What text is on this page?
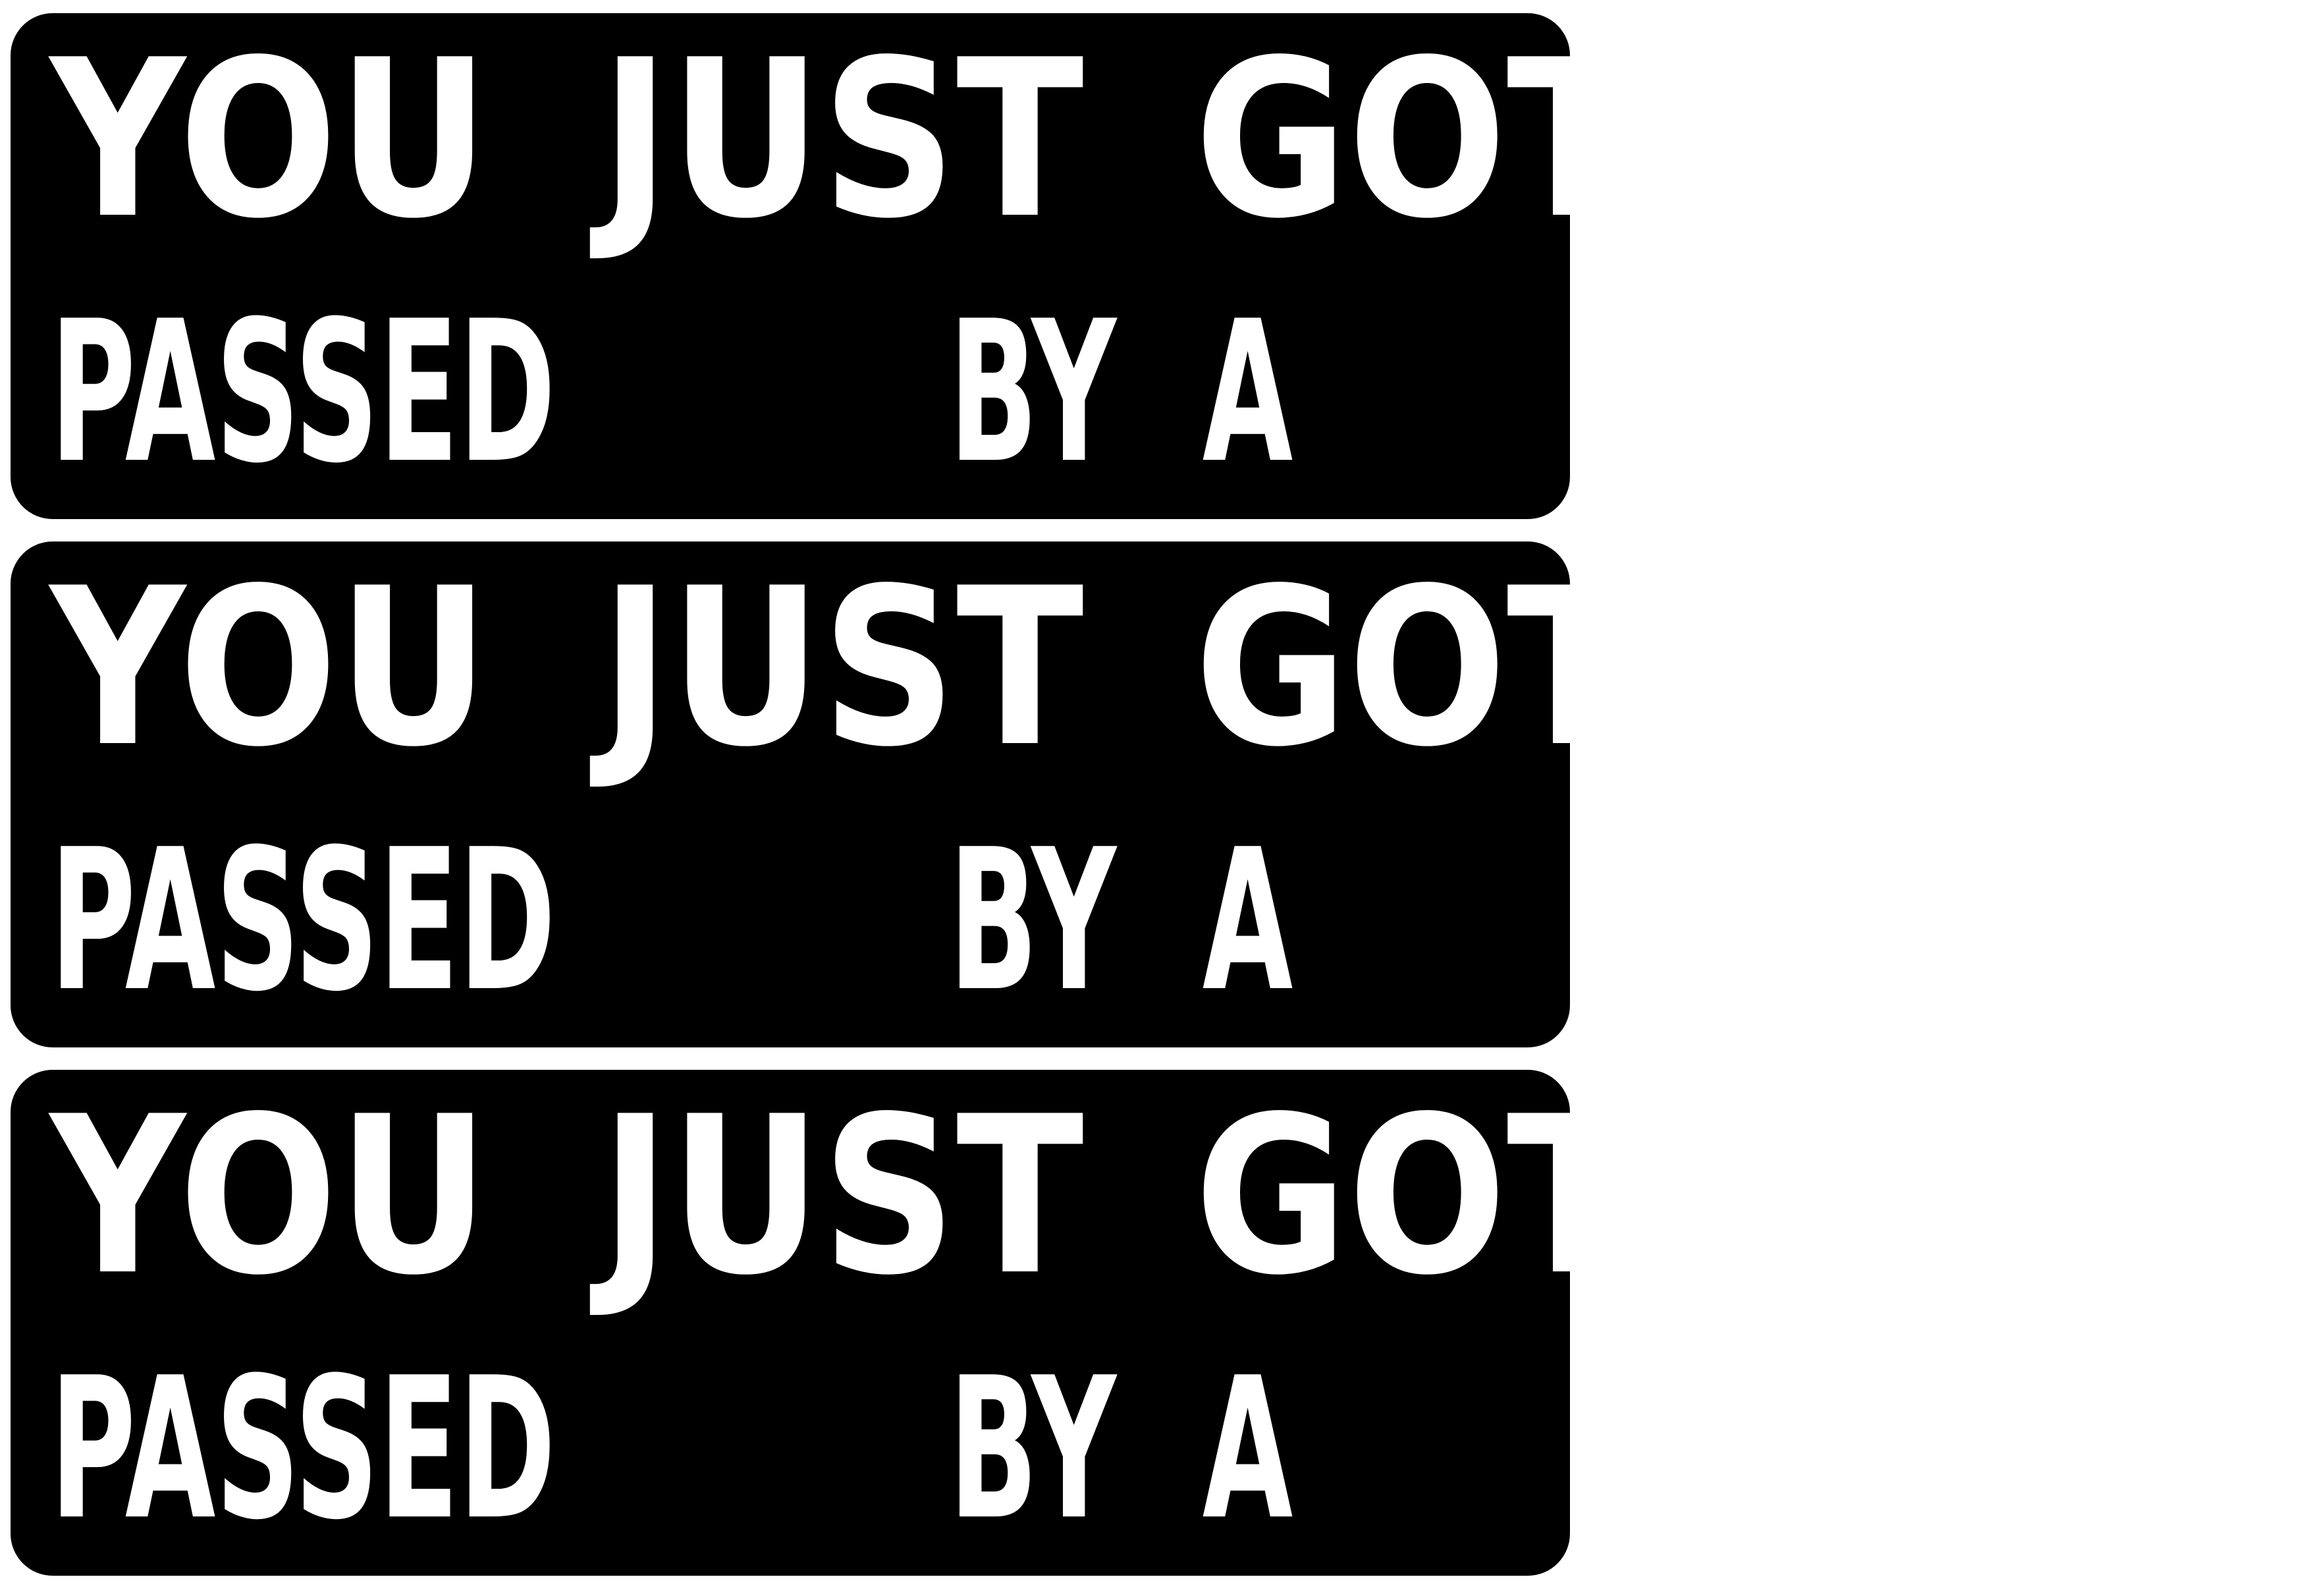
YOU JUST GOT
PASSED BY A TOASTER
YOU JUST GOT
PASSED BY A TOASTER
YOU JUST GOT
PASSED BY A TOASTER
